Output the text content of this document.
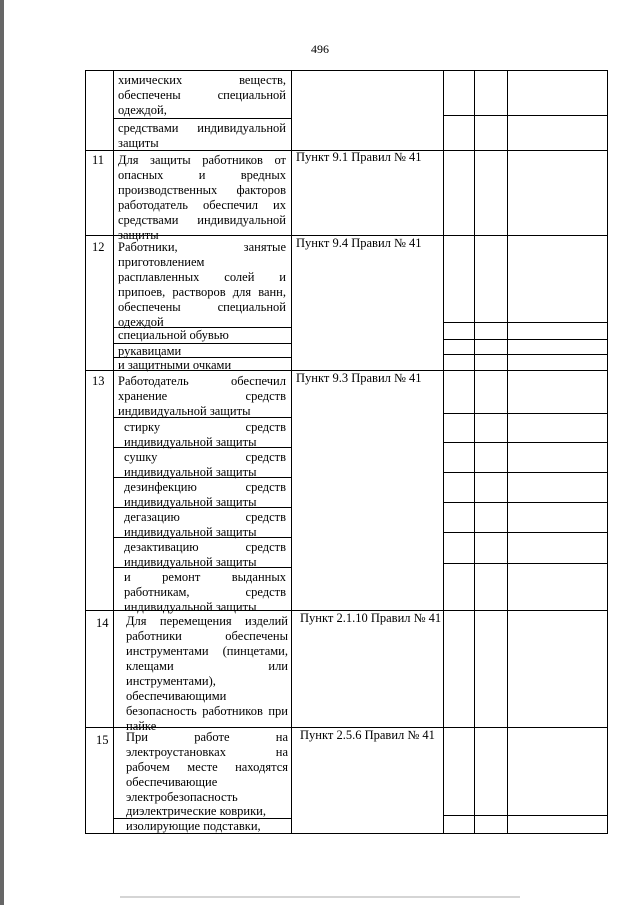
496
химических веществ, обеспечены специальной одеждой,
средствами индивидуальной защиты
11 Для защиты работников от опасных и вредных производственных факторов работодатель обеспечил их средствами индивидуальной защиты
Пункт 9.1 Правил № 41
12 Работники, занятые приготовлением расплавленных солей и припоев, растворов для ванн, обеспечены специальной одеждой
специальной обувью
рукавицами
и защитными очками
Пункт 9.4 Правил № 41
13 Работодатель обеспечил хранение средств индивидуальной защиты
стирку средств индивидуальной защиты
сушку средств индивидуальной защиты
дезинфекцию средств индивидуальной защиты
дегазацию средств индивидуальной защиты
дезактивацию средств индивидуальной защиты
и ремонт выданных работникам, средств индивидуальной защиты
Пункт 9.3 Правил № 41
14 Для перемещения изделий работники обеспечены инструментами (пинцетами, клещами или инструментами), обеспечивающими безопасность работников при пайке
Пункт 2.1.10 Правил № 41
15 При работе на электроустановках на рабочем месте находятся обеспечивающие электробезопасность
диэлектрические коврики,
изолирующие подставки,
Пункт 2.5.6 Правил № 41
